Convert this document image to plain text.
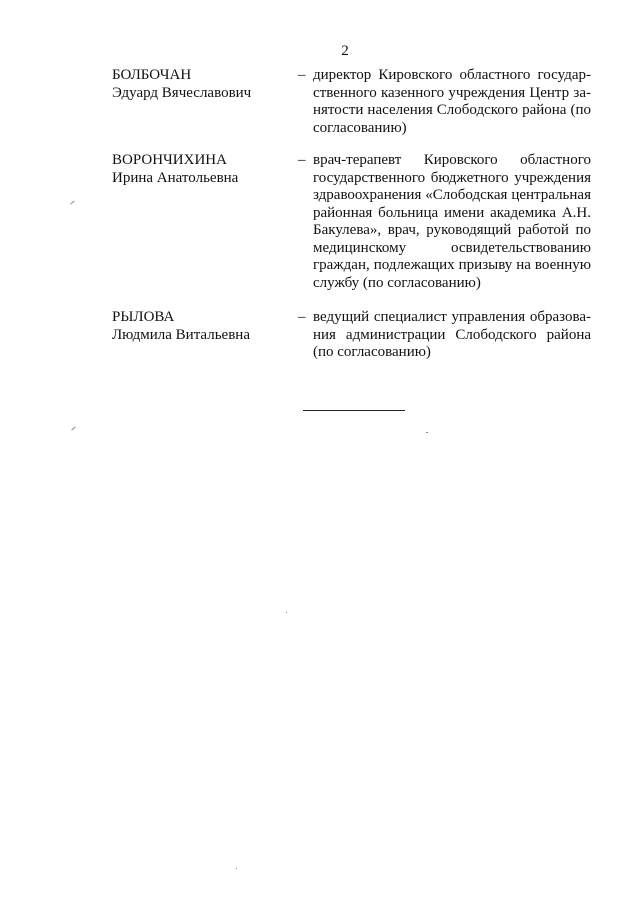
2
БОЛБОЧАН
Эдуард Вячеславович
– директор Кировского областного государственного казенного учреждения Центр занятости населения Слободского района (по согласованию)
ВОРОНЧИХИНА
Ирина Анатольевна
– врач-терапевт Кировского областного государственного бюджетного учреждения здравоохранения «Слободская центральная районная больница имени академика А.Н. Бакулева», врач, руководящий работой по медицинскому освидетельствованию граждан, подлежащих призыву на военную службу (по согласованию)
РЫЛОВА
Людмила Витальевна
– ведущий специалист управления образования администрации Слободского района (по согласованию)
